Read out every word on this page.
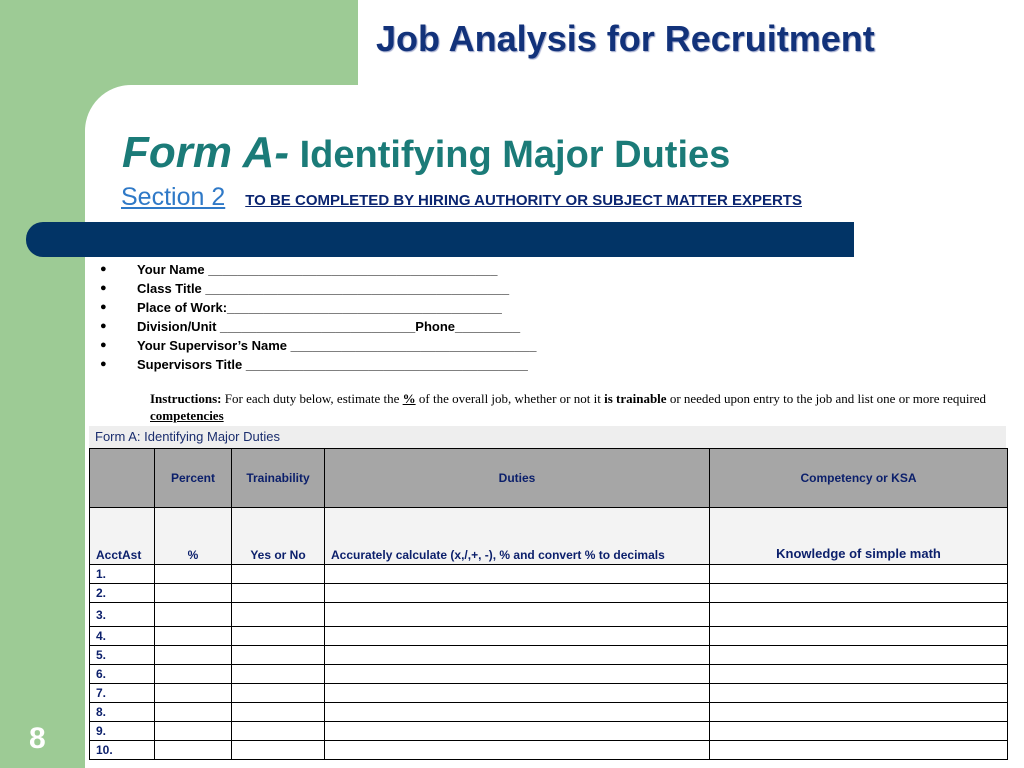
Job Analysis for Recruitment
Form A- Identifying Major Duties
Section 2 TO BE COMPLETED BY HIRING AUTHORITY OR SUBJECT MATTER EXPERTS
● Your Name ________________________________________
● Class Title __________________________________________
● Place of Work:______________________________________
● Division/Unit ___________________________Phone_________
● Your Supervisor’s Name __________________________________
● Supervisors Title _______________________________________
Instructions: For each duty below, estimate the % of the overall job, whether or not it is trainable or needed upon entry to the job and list one or more required competencies
Form A: Identifying Major Duties
	Percent	Trainability	Duties	Competency or KSA
AcctAst	%	Yes or No	Accurately calculate (x,/,+, -), % and convert % to decimals	Knowledge of simple math
1.				
2.				
3.				
4.				
5.				
6.				
7.				
8.				
9.				
10.				
8
